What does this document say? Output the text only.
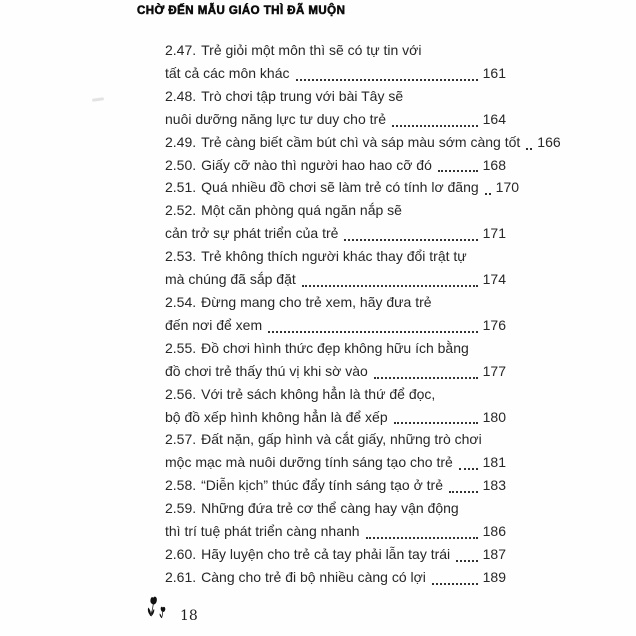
CHỜ ĐẾN MẪU GIÁO THÌ ĐÃ MUỘN
2.47. Trẻ giỏi một môn thì sẽ có tự tin với
tất cả các môn khác	161
2.48. Trò chơi tập trung với bài Tây sẽ
nuôi dưỡng năng lực tư duy cho trẻ	164
2.49. Trẻ càng biết cầm bút chì và sáp màu sớm càng tốt 166
2.50. Giấy cỡ nào thì người hao hao cỡ đó	168
2.51. Quá nhiều đồ chơi sẽ làm trẻ có tính lơ đãng 170
2.52. Một căn phòng quá ngăn nắp sẽ
cản trở sự phát triển của trẻ	171
2.53. Trẻ không thích người khác thay đổi trật tự
mà chúng đã sắp đặt	174
2.54. Đừng mang cho trẻ xem, hãy đưa trẻ
đến nơi để xem	176
2.55. Đồ chơi hình thức đẹp không hữu ích bằng
đồ chơi trẻ thấy thú vị khi sờ vào	177
2.56. Với trẻ sách không hẳn là thứ để đọc,
bộ đồ xếp hình không hẳn là để xếp	180
2.57. Đất nặn, gấp hình và cắt giấy, những trò chơi
mộc mạc mà nuôi dưỡng tính sáng tạo cho trẻ 181
2.58. “Diễn kịch” thúc đẩy tính sáng tạo ở trẻ	183
2.59. Những đứa trẻ cơ thể càng hay vận động
thì trí tuệ phát triển càng nhanh	186
2.60. Hãy luyện cho trẻ cả tay phải lẫn tay trái 187
2.61. Càng cho trẻ đi bộ nhiều càng có lợi	189
18
